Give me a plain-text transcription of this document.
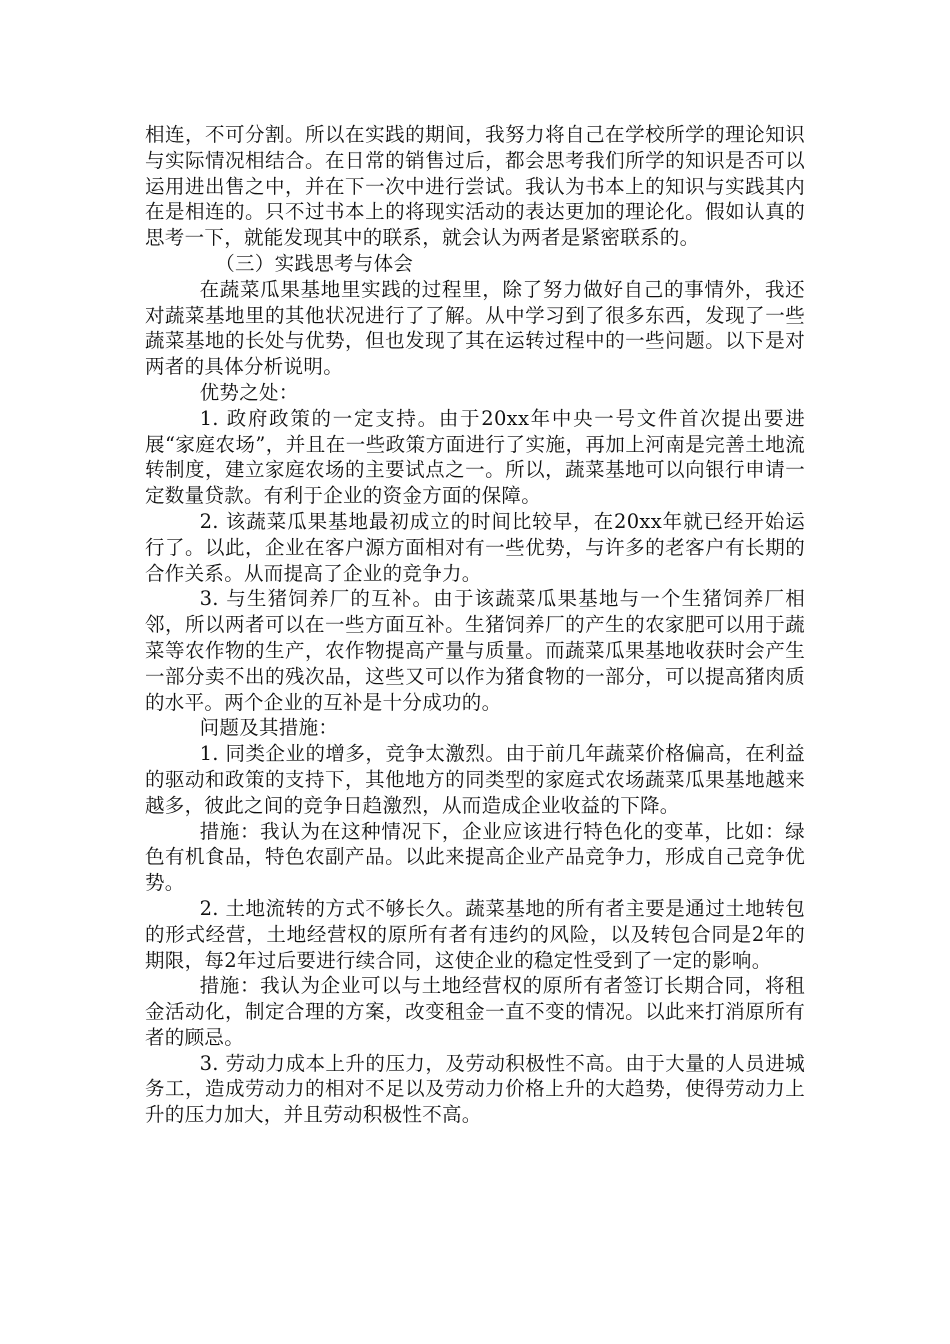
相连，不可分割。所以在实践的期间，我努力将自己在学校所学的理论知识与实际情况相结合。在日常的销售过后，都会思考我们所学的知识是否可以运用进出售之中，并在下一次中进行尝试。我认为书本上的知识与实践其内在是相连的。只不过书本上的将现实活动的表达更加的理论化。假如认真的思考一下，就能发现其中的联系，就会认为两者是紧密联系的。

（三）实践思考与体会

在蔬菜瓜果基地里实践的过程里，除了努力做好自己的事情外，我还对蔬菜基地里的其他状况进行了了解。从中学习到了很多东西，发现了一些蔬菜基地的长处与优势，但也发现了其在运转过程中的一些问题。以下是对两者的具体分析说明。

优势之处：

1. 政府政策的一定支持。由于20xx年中央一号文件首次提出要进展“家庭农场”，并且在一些政策方面进行了实施，再加上河南是完善土地流转制度，建立家庭农场的主要试点之一。所以，蔬菜基地可以向银行申请一定数量贷款。有利于企业的资金方面的保障。

2. 该蔬菜瓜果基地最初成立的时间比较早，在20xx年就已经开始运行了。以此，企业在客户源方面相对有一些优势，与许多的老客户有长期的合作关系。从而提高了企业的竞争力。

3. 与生猪饲养厂的互补。由于该蔬菜瓜果基地与一个生猪饲养厂相邻，所以两者可以在一些方面互补。生猪饲养厂的产生的农家肥可以用于蔬菜等农作物的生产，农作物提高产量与质量。而蔬菜瓜果基地收获时会产生一部分卖不出的残次品，这些又可以作为猪食物的一部分，可以提高猪肉质的水平。两个企业的互补是十分成功的。

问题及其措施：

1. 同类企业的增多，竞争太激烈。由于前几年蔬菜价格偏高，在利益的驱动和政策的支持下，其他地方的同类型的家庭式农场蔬菜瓜果基地越来越多，彼此之间的竞争日趋激烈，从而造成企业收益的下降。

措施：我认为在这种情况下，企业应该进行特色化的变革，比如：绿色有机食品，特色农副产品。以此来提高企业产品竞争力，形成自己竞争优势。

2. 土地流转的方式不够长久。蔬菜基地的所有者主要是通过土地转包的形式经营，土地经营权的原所有者有违约的风险，以及转包合同是2年的期限，每2年过后要进行续合同，这使企业的稳定性受到了一定的影响。

措施：我认为企业可以与土地经营权的原所有者签订长期合同，将租金活动化，制定合理的方案，改变租金一直不变的情况。以此来打消原所有者的顾忌。

3. 劳动力成本上升的压力，及劳动积极性不高。由于大量的人员进城务工，造成劳动力的相对不足以及劳动力价格上升的大趋势，使得劳动力上升的压力加大，并且劳动积极性不高。
